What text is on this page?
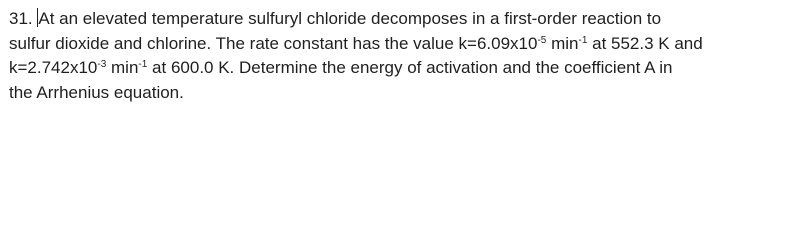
31. At an elevated temperature sulfuryl chloride decomposes in a first-order reaction to
sulfur dioxide and chlorine. The rate constant has the value $k=6.09x10^{-5}$ $\min^{-1}$ at 552.3 K and
$k=2.742x10^{-3}$ $\min^{-1}$ at 600.0 K. Determine the energy of activation and the coefficient A in
the Arrhenius equation.
